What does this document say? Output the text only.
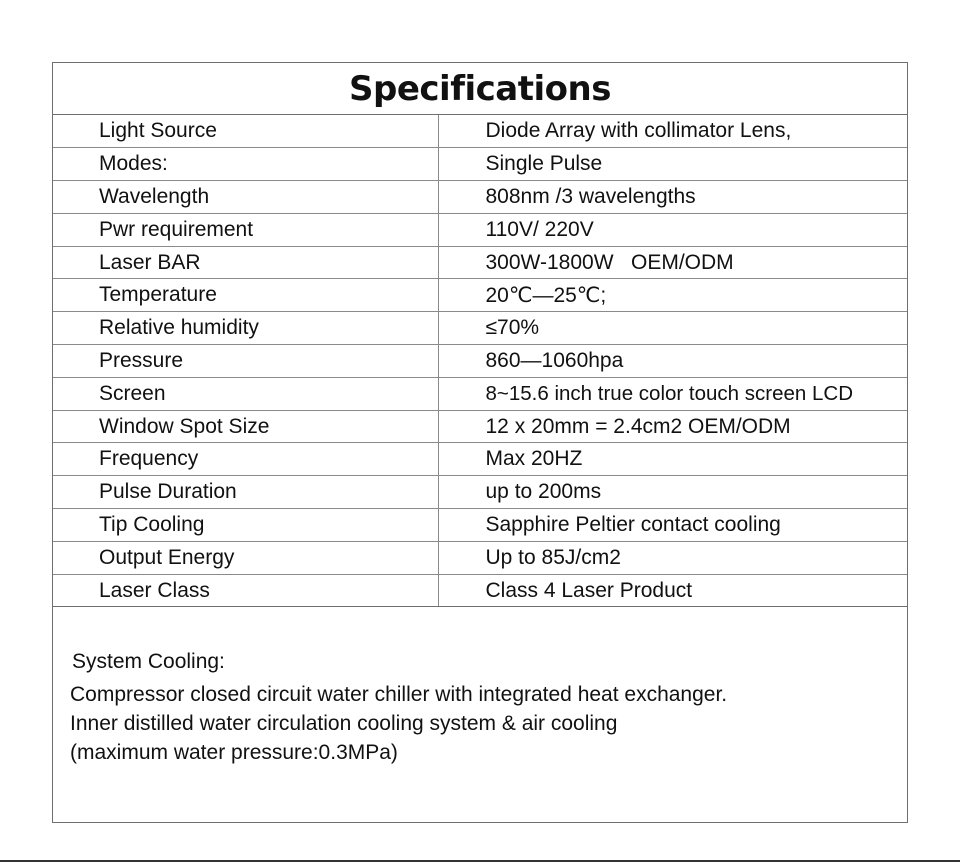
Specifications
Light Source	Diode Array with collimator Lens,
Modes:	Single Pulse
Wavelength	808nm /3 wavelengths
Pwr requirement	110V/ 220V
Laser BAR	300W-1800W   OEM/ODM
Temperature	20℃—25℃;
Relative humidity	≤70%
Pressure	860—1060hpa
Screen	8~15.6 inch true color touch screen LCD
Window Spot Size	12 x 20mm = 2.4cm2 OEM/ODM
Frequency	Max 20HZ
Pulse Duration	up to 200ms
Tip Cooling	Sapphire Peltier contact cooling
Output Energy	Up to 85J/cm2
Laser Class	Class 4 Laser Product
System Cooling:
Compressor closed circuit water chiller with integrated heat exchanger.
Inner distilled water circulation cooling system & air cooling
(maximum water pressure:0.3MPa)
